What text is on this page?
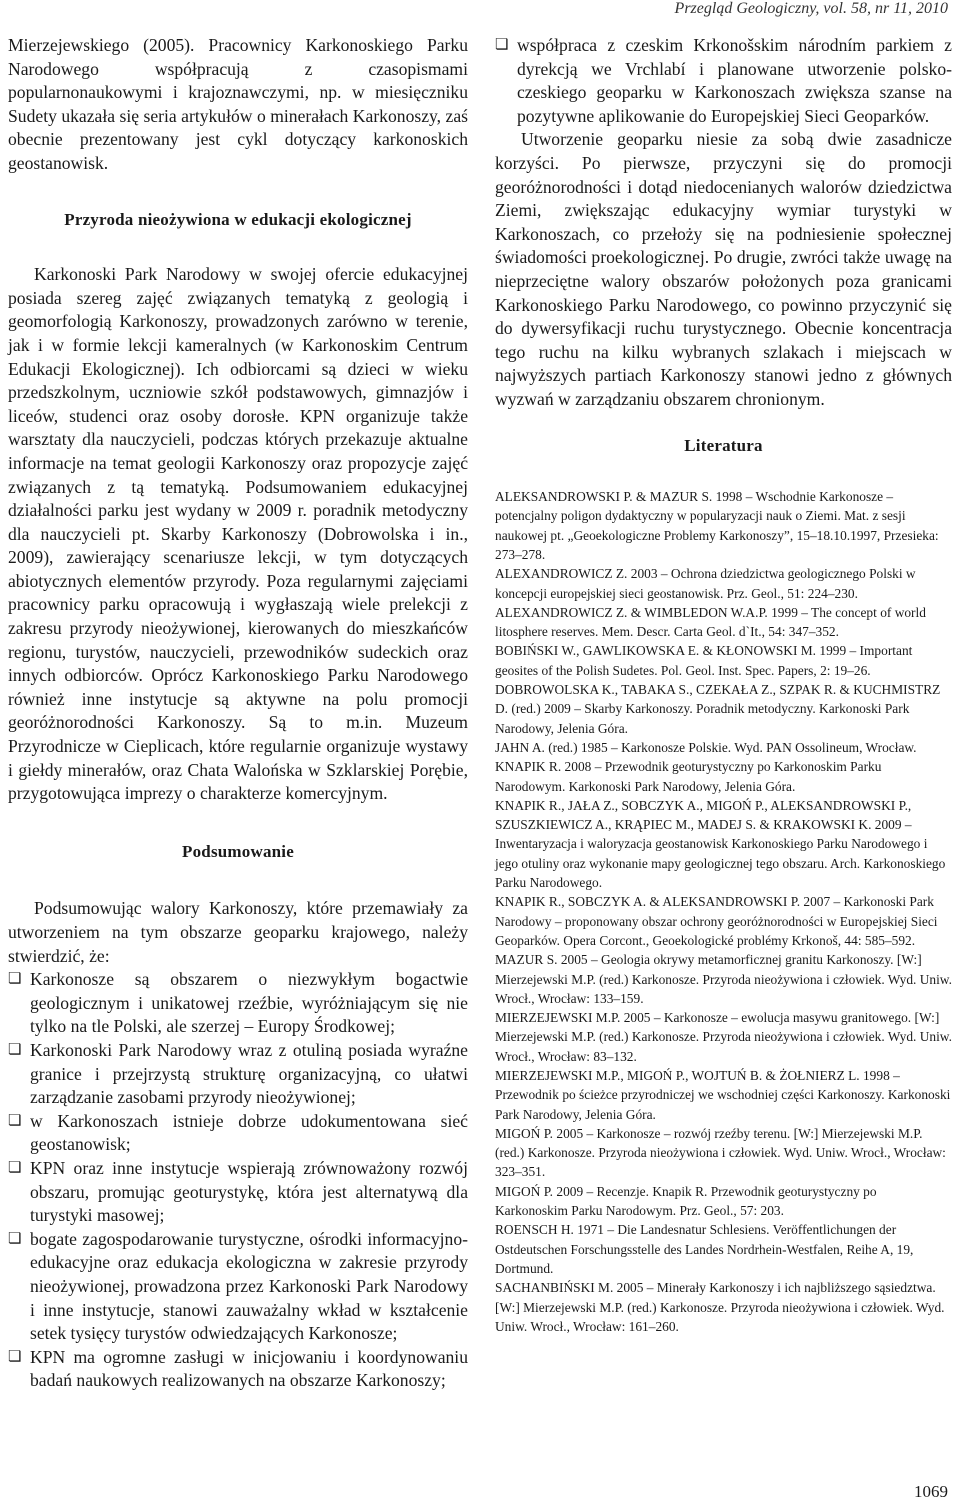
Przegląd Geologiczny, vol. 58, nr 11, 2010

Mierzejewskiego (2005). Pracownicy Karkonoskiego Parku Narodowego współpracują z czasopismami popularnonaukowymi i krajoznawczymi, np. w miesięczniku Sudety ukazała się seria artykułów o minerałach Karkonoszy, zaś obecnie prezentowany jest cykl dotyczący karkonoskich geostanowisk.

Przyroda nieożywiona w edukacji ekologicznej

Karkonoski Park Narodowy w swojej ofercie edukacyjnej posiada szereg zajęć związanych tematyką z geologią i geomorfologią Karkonoszy, prowadzonych zarówno w terenie, jak i w formie lekcji kameralnych (w Karkonoskim Centrum Edukacji Ekologicznej). Ich odbiorcami są dzieci w wieku przedszkolnym, uczniowie szkół podstawowych, gimnazjów i liceów, studenci oraz osoby dorosłe. KPN organizuje także warsztaty dla nauczycieli, podczas których przekazuje aktualne informacje na temat geologii Karkonoszy oraz propozycje zajęć związanych z tą tematyką. Podsumowaniem edukacyjnej działalności parku jest wydany w 2009 r. poradnik metodyczny dla nauczycieli pt. Skarby Karkonoszy (Dobrowolska i in., 2009), zawierający scenariusze lekcji, w tym dotyczących abiotycznych elementów przyrody. Poza regularnymi zajęciami pracownicy parku opracowują i wygłaszają wiele prelekcji z zakresu przyrody nieożywionej, kierowanych do mieszkańców regionu, turystów, nauczycieli, przewodników sudeckich oraz innych odbiorców. Oprócz Karkonoskiego Parku Narodowego również inne instytucje są aktywne na polu promocji georóżnorodności Karkonoszy. Są to m.in. Muzeum Przyrodnicze w Cieplicach, które regularnie organizuje wystawy i giełdy minerałów, oraz Chata Walońska w Szklarskiej Porębie, przygotowująca imprezy o charakterze komercyjnym.

Podsumowanie

Podsumowując walory Karkonoszy, które przemawiały za utworzeniem na tym obszarze geoparku krajowego, należy stwierdzić, że:

❏ Karkonosze są obszarem o niezwykłym bogactwie geologicznym i unikatowej rzeźbie, wyróżniającym się nie tylko na tle Polski, ale szerzej – Europy Środkowej;
❏ Karkonoski Park Narodowy wraz z otuliną posiada wyraźne granice i przejrzystą strukturę organizacyjną, co ułatwi zarządzanie zasobami przyrody nieożywionej;
❏ w Karkonoszach istnieje dobrze udokumentowana sieć geostanowisk;
❏ KPN oraz inne instytucje wspierają zrównoważony rozwój obszaru, promując geoturystykę, która jest alternatywą dla turystyki masowej;
❏ bogate zagospodarowanie turystyczne, ośrodki informacyjno-edukacyjne oraz edukacja ekologiczna w zakresie przyrody nieożywionej, prowadzona przez Karkonoski Park Narodowy i inne instytucje, stanowi zauważalny wkład w kształcenie setek tysięcy turystów odwiedzających Karkonosze;
❏ KPN ma ogromne zasługi w inicjowaniu i koordynowaniu badań naukowych realizowanych na obszarze Karkonoszy;
❏ współpraca z czeskim Krkonošskim národním parkiem z dyrekcją we Vrchlabí i planowane utworzenie polsko-czeskiego geoparku w Karkonoszach zwiększa szanse na pozytywne aplikowanie do Europejskiej Sieci Geoparków.

Utworzenie geoparku niesie za sobą dwie zasadnicze korzyści. Po pierwsze, przyczyni się do promocji georóżnorodności i dotąd niedocenianych walorów dziedzictwa Ziemi, zwiększając edukacyjny wymiar turystyki w Karkonoszach, co przełoży się na podniesienie społecznej świadomości proekologicznej. Po drugie, zwróci także uwagę na nieprzeciętne walory obszarów położonych poza granicami Karkonoskiego Parku Narodowego, co powinno przyczynić się do dywersyfikacji ruchu turystycznego. Obecnie koncentracja tego ruchu na kilku wybranych szlakach i miejscach w najwyższych partiach Karkonoszy stanowi jedno z głównych wyzwań w zarządzaniu obszarem chronionym.

Literatura

ALEKSANDROWSKI P. & MAZUR S. 1998 – Wschodnie Karkonosze – potencjalny poligon dydaktyczny w popularyzacji nauk o Ziemi. Mat. z sesji naukowej pt. „Geoekologiczne Problemy Karkonoszy”, 15–18.10.1997, Przesieka: 273–278.

ALEXANDROWICZ Z. 2003 – Ochrona dziedzictwa geologicznego Polski w koncepcji europejskiej sieci geostanowisk. Prz. Geol., 51: 224–230.

ALEXANDROWICZ Z. & WIMBLEDON W.A.P. 1999 – The concept of world litosphere reserves. Mem. Descr. Carta Geol. d`It., 54: 347–352.

BOBIŃSKI W., GAWLIKOWSKA E. & KŁONOWSKI M. 1999 – Important geosites of the Polish Sudetes. Pol. Geol. Inst. Spec. Papers, 2: 19–26.

DOBROWOLSKA K., TABAKA S., CZEKAŁA Z., SZPAK R. & KUCHMISTRZ D. (red.) 2009 – Skarby Karkonoszy. Poradnik metodyczny. Karkonoski Park Narodowy, Jelenia Góra.

JAHN A. (red.) 1985 – Karkonosze Polskie. Wyd. PAN Ossolineum, Wrocław.

KNAPIK R. 2008 – Przewodnik geoturystyczny po Karkonoskim Parku Narodowym. Karkonoski Park Narodowy, Jelenia Góra.

KNAPIK R., JAŁA Z., SOBCZYK A., MIGOŃ P., ALEKSANDROWSKI P., SZUSZKIEWICZ A., KRĄPIEC M., MADEJ S. & KRAKOWSKI K. 2009 – Inwentaryzacja i waloryzacja geostanowisk Karkonoskiego Parku Narodowego i jego otuliny oraz wykonanie mapy geologicznej tego obszaru. Arch. Karkonoskiego Parku Narodowego.

KNAPIK R., SOBCZYK A. & ALEKSANDROWSKI P. 2007 – Karkonoski Park Narodowy – proponowany obszar ochrony georóżnorodności w Europejskiej Sieci Geoparków. Opera Corcont., Geoekologické problémy Krkonoš, 44: 585–592.

MAZUR S. 2005 – Geologia okrywy metamorficznej granitu Karkonoszy. [W:] Mierzejewski M.P. (red.) Karkonosze. Przyroda nieożywiona i człowiek. Wyd. Uniw. Wrocł., Wrocław: 133–159.

MIERZEJEWSKI M.P. 2005 – Karkonosze – ewolucja masywu granitowego. [W:] Mierzejewski M.P. (red.) Karkonosze. Przyroda nieożywiona i człowiek. Wyd. Uniw. Wrocł., Wrocław: 83–132.

MIERZEJEWSKI M.P., MIGOŃ P., WOJTUŃ B. & ŻOŁNIERZ L. 1998 – Przewodnik po ścieżce przyrodniczej we wschodniej części Karkonoszy. Karkonoski Park Narodowy, Jelenia Góra.

MIGOŃ P. 2005 – Karkonosze – rozwój rzeźby terenu. [W:] Mierzejewski M.P. (red.) Karkonosze. Przyroda nieożywiona i człowiek. Wyd. Uniw. Wrocł., Wrocław: 323–351.

MIGOŃ P. 2009 – Recenzje. Knapik R. Przewodnik geoturystyczny po Karkonoskim Parku Narodowym. Prz. Geol., 57: 203.

ROENSCH H. 1971 – Die Landesnatur Schlesiens. Veröffentlichungen der Ostdeutschen Forschungsstelle des Landes Nordrhein-Westfalen, Reihe A, 19, Dortmund.

SACHANBIŃSKI M. 2005 – Minerały Karkonoszy i ich najbliższego sąsiedztwa. [W:] Mierzejewski M.P. (red.) Karkonosze. Przyroda nieożywiona i człowiek. Wyd. Uniw. Wrocł., Wrocław: 161–260.

1069
